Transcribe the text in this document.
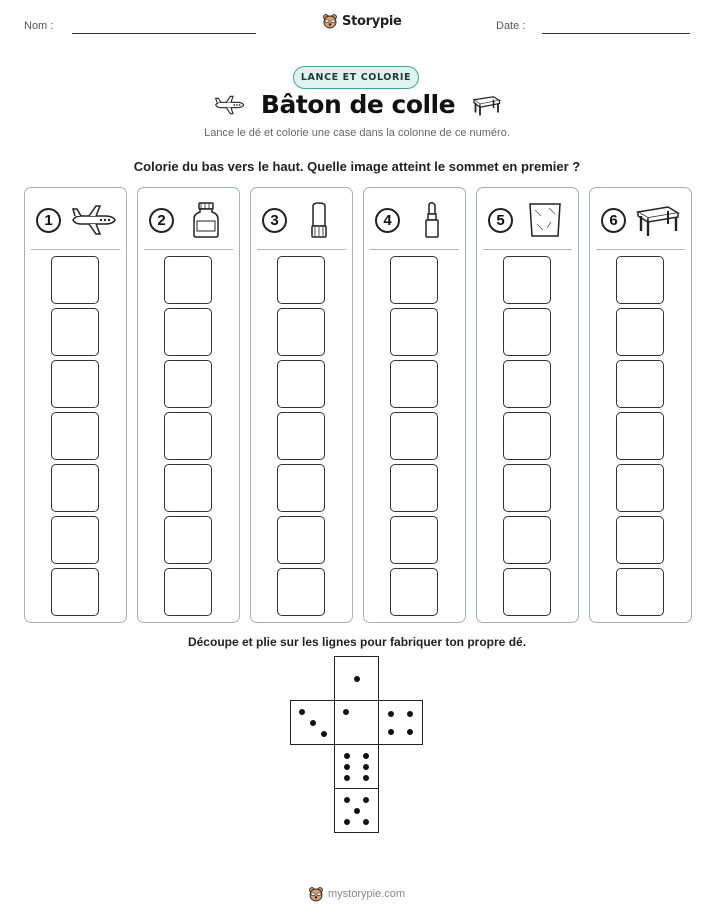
Nom :	Storypie	Date :
LANCE ET COLORIE
Bâton de colle
Lance le dé et colorie une case dans la colonne de ce numéro.
Colorie du bas vers le haut. Quelle image atteint le sommet en premier ?
1	2	3	4	5	6
Découpe et plie sur les lignes pour fabriquer ton propre dé.
mystorypie.com
